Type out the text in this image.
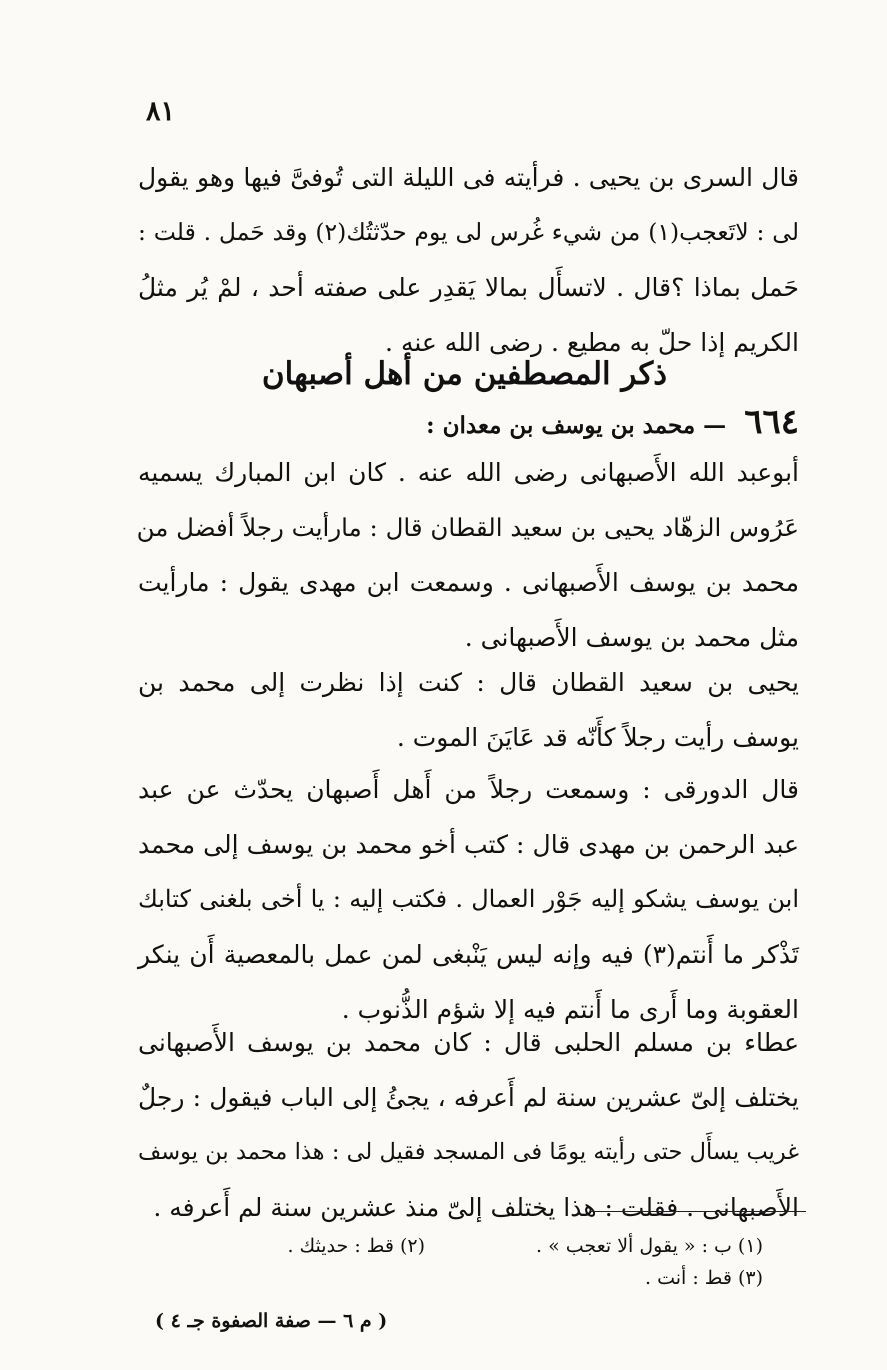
٨١
قال السرى بن يحيى . فرأيته فى الليلة التى تُوفىَّ فيها وهو يقول
لى : لاتَعجب(١) من شيء غُرس لى يوم حدّثتُك(٢) وقد حَمل . قلت :
حَمل بماذا ؟قال . لاتسأَل بمالا يَقدِر على صفته أحد ، لمْ يُر مثلُ
الكريم إذا حلّ به مطيع . رضى الله عنه .
ذكر المصطفين من أهل أصبهان
٦٦٤ — محمد بن يوسف بن معدان :
أبوعبد الله الأَصبهانى رضى الله عنه . كان ابن المبارك يسميه
عَرُوس الزهّاد يحيى بن سعيد القطان قال : مارأيت رجلاً أفضل من
محمد بن يوسف الأَصبهانى . وسمعت ابن مهدى يقول : مارأيت
مثل محمد بن يوسف الأَصبهانى .
يحيى بن سعيد القطان قال : كنت إذا نظرت إلى محمد بن
يوسف رأيت رجلاً كأَنّه قد عَايَنَ الموت .
قال الدورقى : وسمعت رجلاً من أَهل أَصبهان يحدّث عن عبد
عبد الرحمن بن مهدى قال : كتب أخو محمد بن يوسف إلى محمد
ابن يوسف يشكو إليه جَوْر العمال . فكتب إليه : يا أخى بلغنى كتابك
تَذْكر ما أَنتم(٣) فيه وإنه ليس يَنْبغى لمن عمل بالمعصية أَن ينكر
العقوبة وما أَرى ما أَنتم فيه إلا شؤم الذُّنوب .
عطاء بن مسلم الحلبى قال : كان محمد بن يوسف الأَصبهانى
يختلف إلىّ عشرين سنة لم أَعرفه ، يجئُ إلى الباب فيقول : رجلٌ
غريب يسأَل حتى رأيته يومًا فى المسجد فقيل لى : هذا محمد بن يوسف
الأَصبهانى . فقلت : هذا يختلف إلىّ منذ عشرين سنة لم أَعرفه .
(١) ب : « يقول ألا تعجب » .
(٢) قط : حديثك .
(٣) قط : أنت .
( م ٦ — صفة الصفوة جـ ٤ )
